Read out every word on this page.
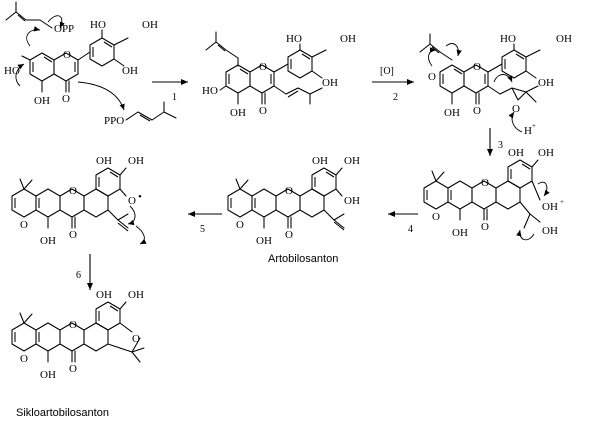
OPP
O
O
HO
OH
HO	OH
OH
PPO
1
O
O
HO
OH
HO	OH
OH
[O]
2
O
O
O
OH
HO	OH
OH
O
H +
3
O
O
O
OH
OH OH
OH +
OH
4
O
O
O
OH
OH OH
OH
Artobilosanton
5
O
O
O
OH
OH OH
O •
6
O
O
O
OH
OH OH
O
Sikloartobilosanton
